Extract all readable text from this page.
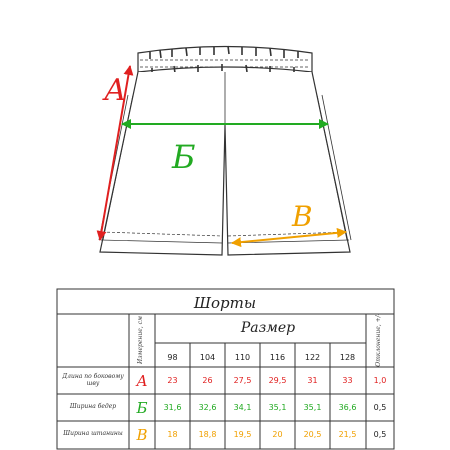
А
Б
В
Шорты
Размер
Измерение, см	Отклонение, +/-
98	104	110	116	122	128
Длина по боковому шву	А	23	26	27,5	29,5	31	33	1,0
Ширина бедер	Б	31,6	32,6	34,1	35,1	35,1	36,6	0,5
Ширина штанины В	18	18,8	19,5	20	20,5	21,5	0,5
